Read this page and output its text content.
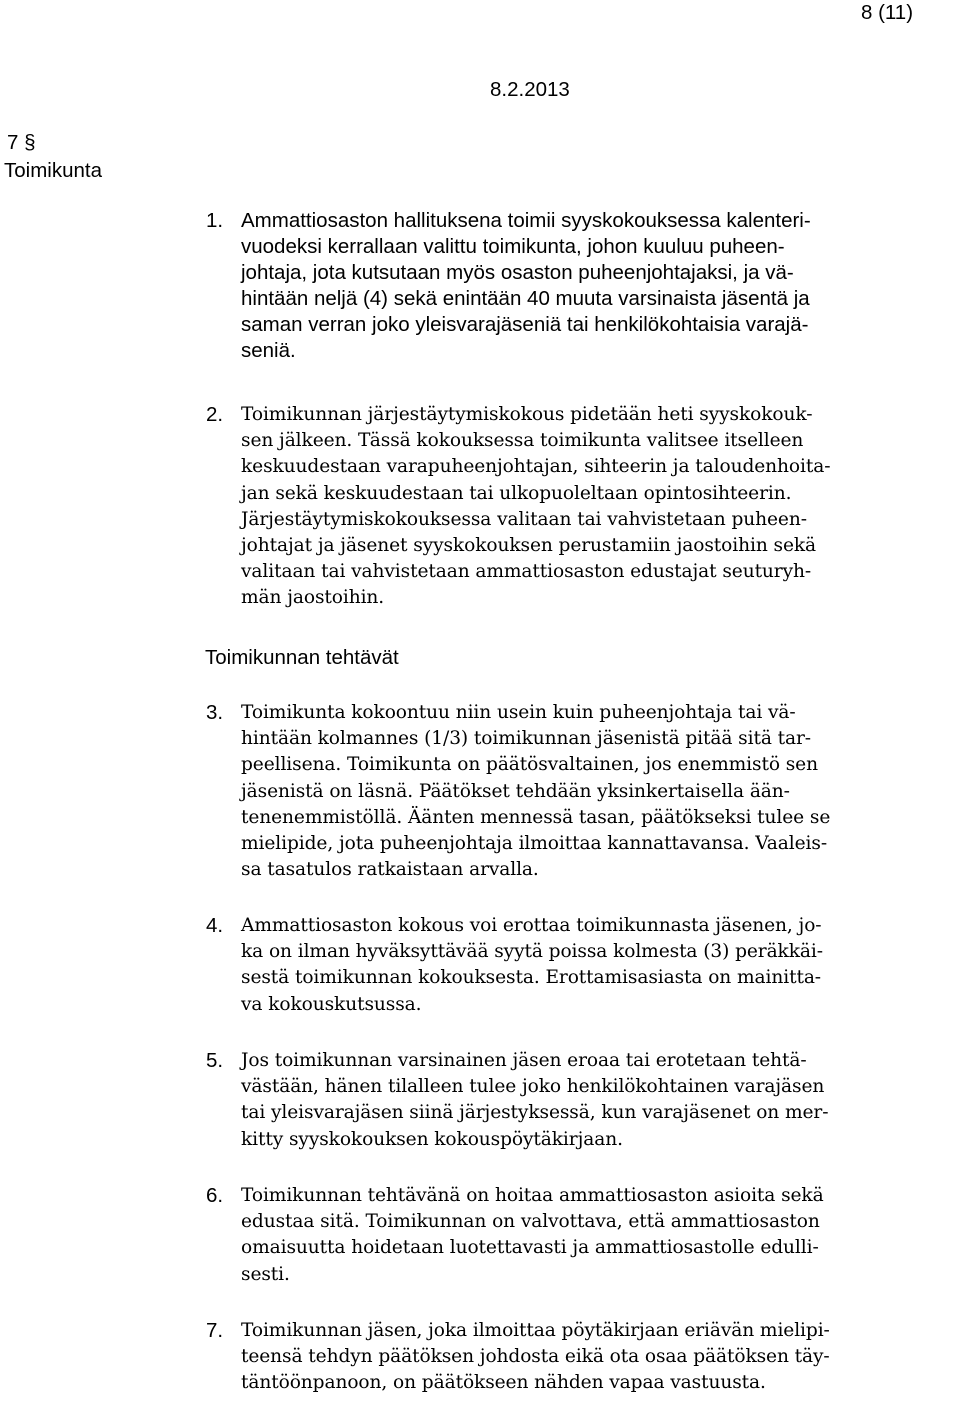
8 (11)
8.2.2013
7 §
Toimikunta
1. Ammattiosaston hallituksena toimii syyskokouksessa kalenteri-
vuodeksi kerrallaan valittu toimikunta, johon kuuluu puheen-
johtaja, jota kutsutaan myös osaston puheenjohtajaksi, ja vä-
hintään neljä (4) sekä enintään 40 muuta varsinaista jäsentä ja
saman verran joko yleisvarajäseniä tai henkilökohtaisia varajä-
seniä.
2. Toimikunnan järjestäytymiskokous pidetään heti syyskokouk-
sen jälkeen. Tässä kokouksessa toimikunta valitsee itselleen
keskuudestaan varapuheenjohtajan, sihteerin ja taloudenhoita-
jan sekä keskuudestaan tai ulkopuoleltaan opintosihteerin.
Järjestäytymiskokouksessa valitaan tai vahvistetaan puheen-
johtajat ja jäsenet syyskokouksen perustamiin jaostoihin sekä
valitaan tai vahvistetaan ammattiosaston edustajat seuturyh-
män jaostoihin.
Toimikunnan tehtävät
3. Toimikunta kokoontuu niin usein kuin puheenjohtaja tai vä-
hintään kolmannes (1/3) toimikunnan jäsenistä pitää sitä tar-
peellisena. Toimikunta on päätösvaltainen, jos enemmistö sen
jäsenistä on läsnä. Päätökset tehdään yksinkertaisella ään-
tenenemmistöllä. Äänten mennessä tasan, päätökseksi tulee se
mielipide, jota puheenjohtaja ilmoittaa kannattavansa. Vaaleis-
sa tasatulos ratkaistaan arvalla.
4. Ammattiosaston kokous voi erottaa toimikunnasta jäsenen, jo-
ka on ilman hyväksyttävää syytä poissa kolmesta (3) peräkkäi-
sestä toimikunnan kokouksesta. Erottamisasiasta on mainitta-
va kokouskutsussa.
5. Jos toimikunnan varsinainen jäsen eroaa tai erotetaan tehtä-
västään, hänen tilalleen tulee joko henkilökohtainen varajäsen
tai yleisvarajäsen siinä järjestyksessä, kun varajäsenet on mer-
kitty syyskokouksen kokouspöytäkirjaan.
6. Toimikunnan tehtävänä on hoitaa ammattiosaston asioita sekä
edustaa sitä. Toimikunnan on valvottava, että ammattiosaston
omaisuutta hoidetaan luotettavasti ja ammattiosastolle edulli-
sesti.
7. Toimikunnan jäsen, joka ilmoittaa pöytäkirjaan eriävän mielipi-
teensä tehdyn päätöksen johdosta eikä ota osaa päätöksen täy-
täntöönpanoon, on päätökseen nähden vapaa vastuusta.
